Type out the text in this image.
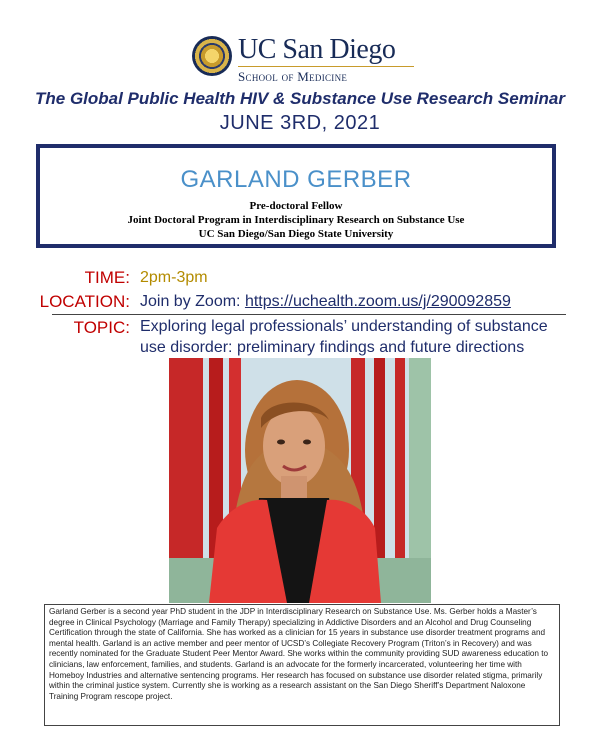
UC San Diego
School of Medicine
The Global Public Health HIV & Substance Use Research Seminar
JUNE 3RD, 2021
GARLAND GERBER
Pre-doctoral Fellow
Joint Doctoral Program in Interdisciplinary Research on Substance Use
UC San Diego/San Diego State University
TIME: 2pm-3pm
LOCATION: Join by Zoom: https://uchealth.zoom.us/j/290092859
TOPIC: Exploring legal professionals’ understanding of substance use disorder: preliminary findings and future directions
Garland Gerber is a second year PhD student in the JDP in Interdisciplinary Research on Substance Use. Ms. Gerber holds a Master’s degree in Clinical Psychology (Marriage and Family Therapy) specializing in Addictive Disorders and an Alcohol and Drug Counseling Certification through the state of California. She has worked as a clinician for 15 years in substance use disorder treatment programs and mental health. Garland is an active member and peer mentor of UCSD’s Collegiate Recovery Program (Triton’s in Recovery) and was recently nominated for the Graduate Student Peer Mentor Award. She works within the community providing SUD awareness education to clinicians, law enforcement, families, and students. Garland is an advocate for the formerly incarcerated, volunteering her time with Homeboy Industries and alternative sentencing programs. Her research has focused on substance use disorder related stigma, primarily within the criminal justice system. Currently she is working as a research assistant on the San Diego Sheriff’s Department Naloxone Training Program rescope project.
